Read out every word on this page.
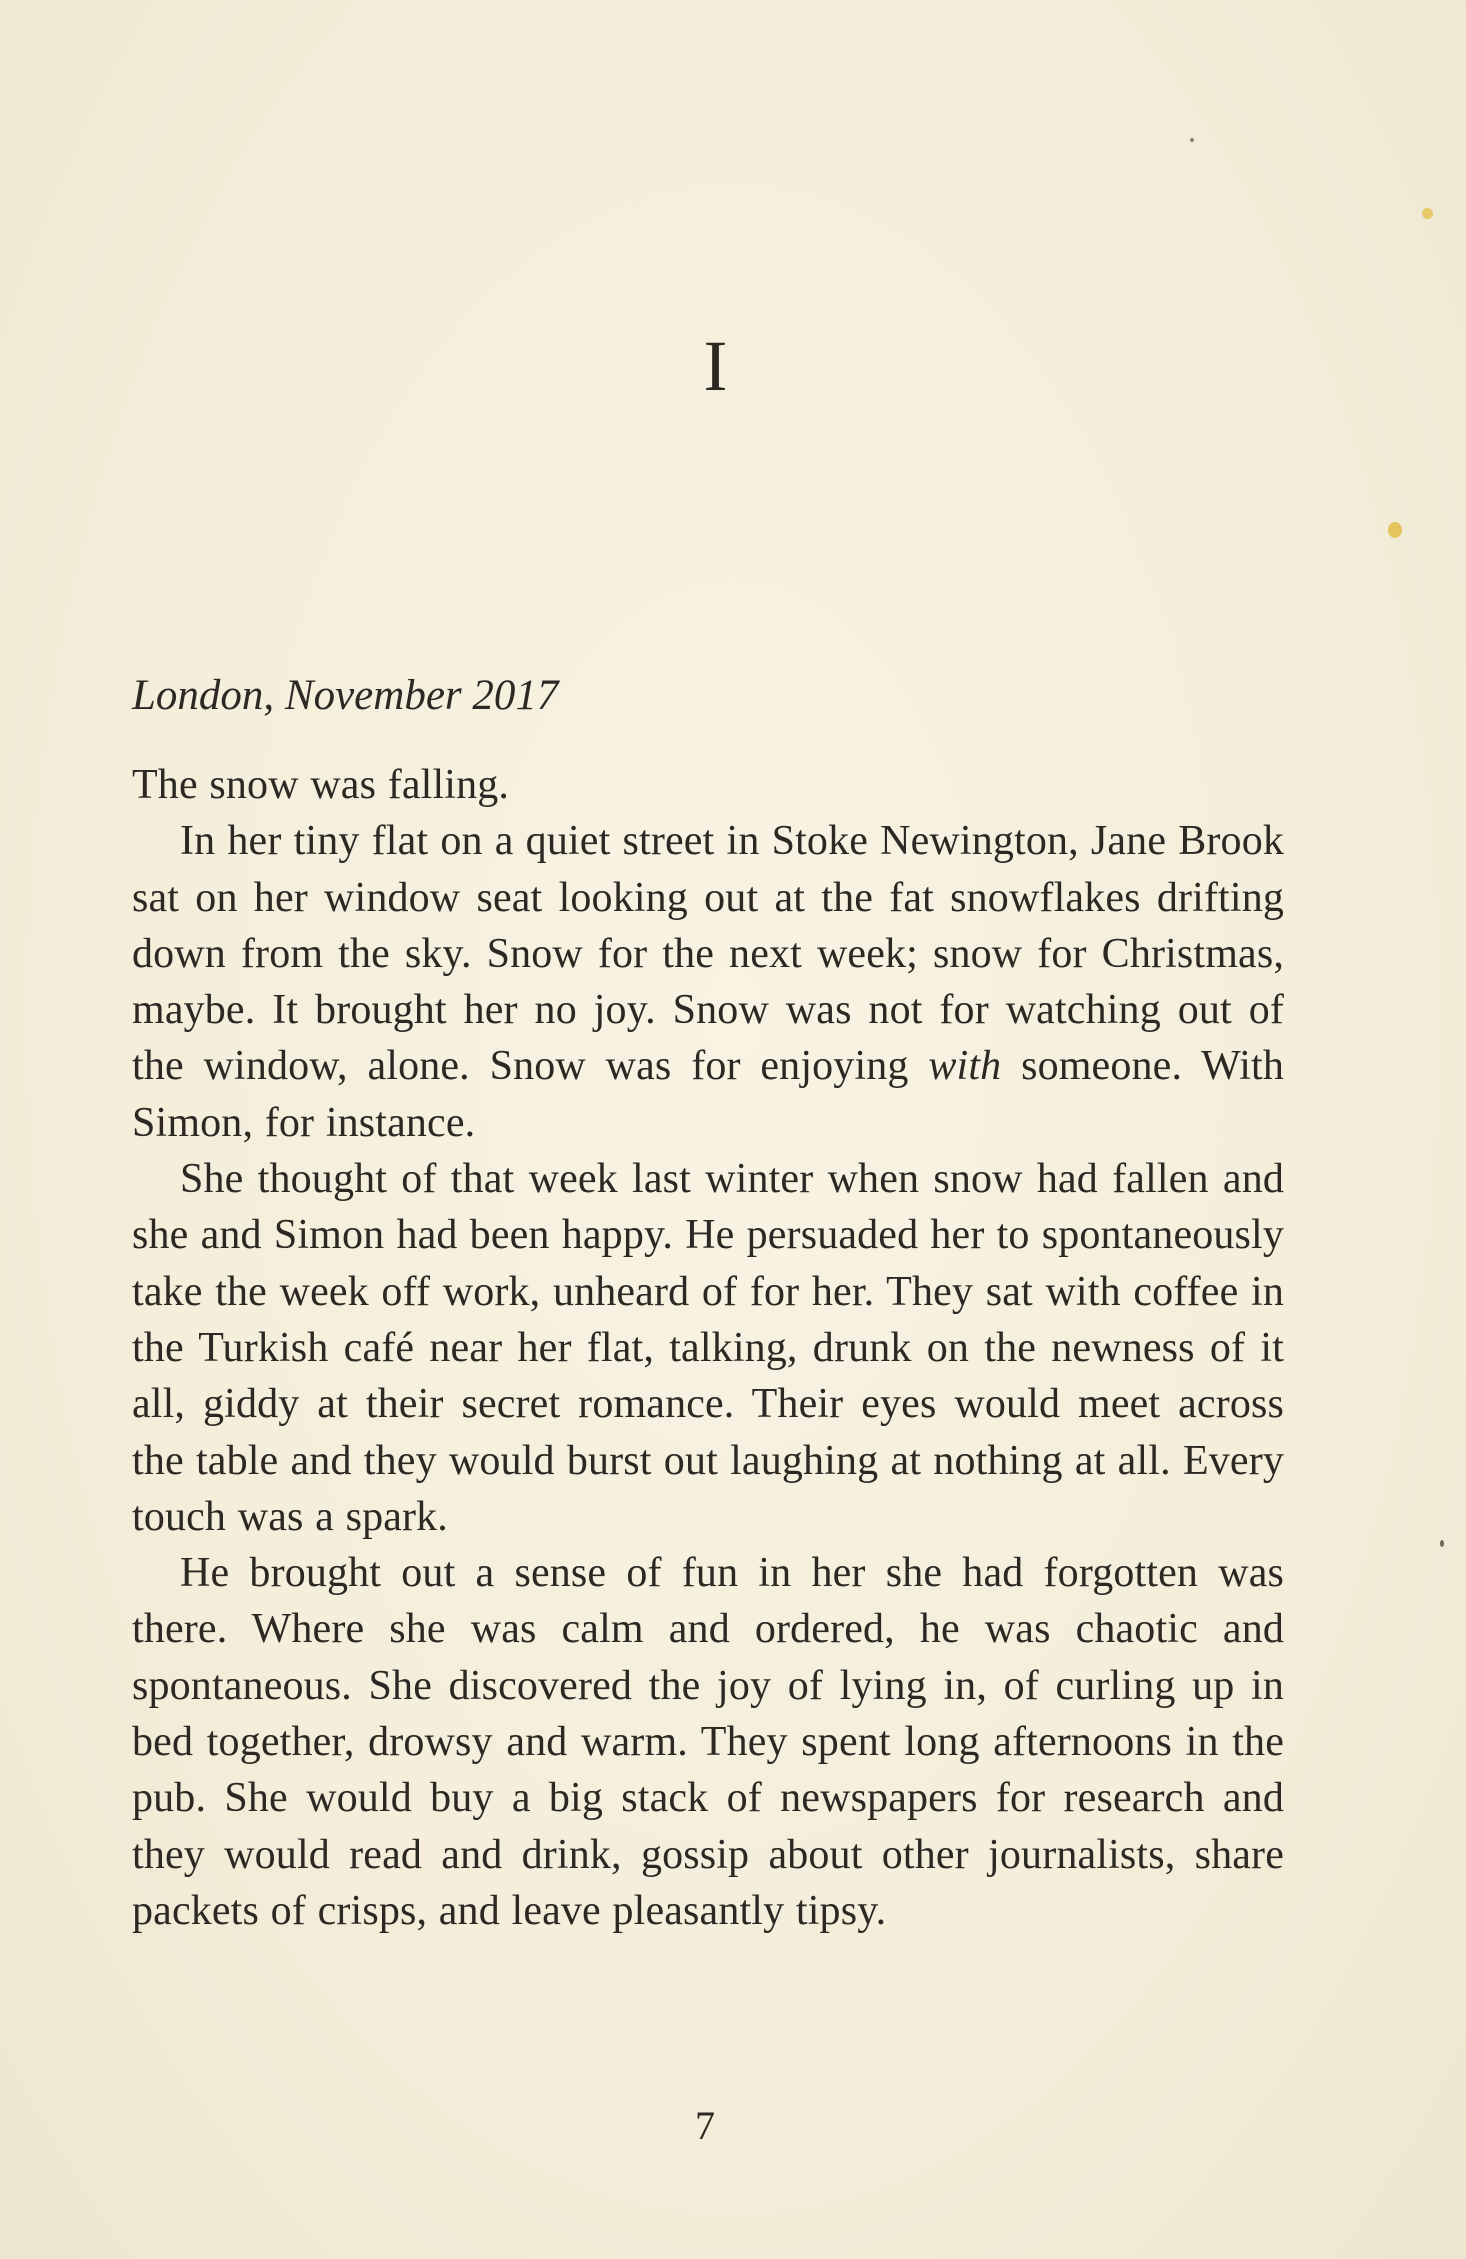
I

London, November 2017

The snow was falling.

In her tiny flat on a quiet street in Stoke Newington, Jane Brook sat on her window seat looking out at the fat snowflakes drifting down from the sky. Snow for the next week; snow for Christmas, maybe. It brought her no joy. Snow was not for watching out of the window, alone. Snow was for enjoying with someone. With Simon, for instance.

She thought of that week last winter when snow had fallen and she and Simon had been happy. He persuaded her to spontaneously take the week off work, unheard of for her. They sat with coffee in the Turkish café near her flat, talking, drunk on the newness of it all, giddy at their secret romance. Their eyes would meet across the table and they would burst out laughing at nothing at all. Every touch was a spark.

He brought out a sense of fun in her she had forgotten was there. Where she was calm and ordered, he was chaotic and spontaneous. She discovered the joy of lying in, of curling up in bed together, drowsy and warm. They spent long afternoons in the pub. She would buy a big stack of newspapers for research and they would read and drink, gossip about other journalists, share packets of crisps, and leave pleasantly tipsy.

7
